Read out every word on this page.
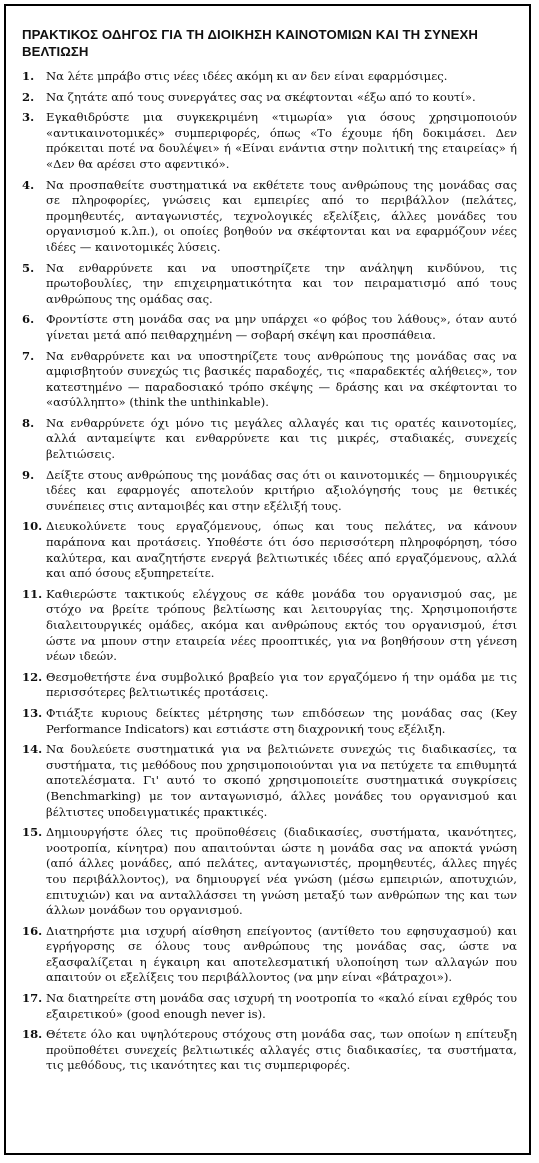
ΠΡΑΚΤΙΚΟΣ ΟΔΗΓΟΣ ΓΙΑ ΤΗ ΔΙΟΙΚΗΣΗ ΚΑΙΝΟΤΟΜΙΩΝ ΚΑΙ ΤΗ ΣΥΝΕΧΗ ΒΕΛΤΙΩΣΗ
1.	Να λέτε μπράβο στις νέες ιδέες ακόμη κι αν δεν είναι εφαρμόσιμες.
2.	Να ζητάτε από τους συνεργάτες σας να σκέφτονται «έξω από το κουτί».
3.	Εγκαθιδρύστε μια συγκεκριμένη «τιμωρία» για όσους χρησιμοποιούν «αντικαινοτομικές» συμπεριφορές, όπως «Το έχουμε ήδη δοκιμάσει. Δεν πρόκειται ποτέ να δουλέψει» ή «Είναι ενάντια στην πολιτική της εταιρείας» ή «Δεν θα αρέσει στο αφεντικό».
4.	Να προσπαθείτε συστηματικά να εκθέτετε τους ανθρώπους της μονάδας σας σε πληροφορίες, γνώσεις και εμπειρίες από το περιβάλλον (πελάτες, προμηθευτές, ανταγωνιστές, τεχνολογικές εξελίξεις, άλλες μονάδες του οργανισμού κ.λπ.), οι οποίες βοηθούν να σκέφτονται και να εφαρμόζουν νέες ιδέες — καινοτομικές λύσεις.
5.	Να ενθαρρύνετε και να υποστηρίζετε την ανάληψη κινδύνου, τις πρωτοβουλίες, την επιχειρηματικότητα και τον πειραματισμό από τους ανθρώπους της ομάδας σας.
6.	Φροντίστε στη μονάδα σας να μην υπάρχει «ο φόβος του λάθους», όταν αυτό γίνεται μετά από πειθαρχημένη — σοβαρή σκέψη και προσπάθεια.
7.	Να ενθαρρύνετε και να υποστηρίζετε τους ανθρώπους της μονάδας σας να αμφισβητούν συνεχώς τις βασικές παραδοχές, τις «παραδεκτές αλήθειες», τον κατεστημένο — παραδοσιακό τρόπο σκέψης — δράσης και να σκέφτονται το «ασύλληπτο» (think the unthinkable).
8.	Να ενθαρρύνετε όχι μόνο τις μεγάλες αλλαγές και τις ορατές καινοτομίες, αλλά ανταμείψτε και ενθαρρύνετε και τις μικρές, σταδιακές, συνεχείς βελτιώσεις.
9.	Δείξτε στους ανθρώπους της μονάδας σας ότι οι καινοτομικές — δημιουργικές ιδέες και εφαρμογές αποτελούν κριτήριο αξιολόγησής τους με θετικές συνέπειες στις ανταμοιβές και στην εξέλιξή τους.
10. Διευκολύνετε τους εργαζόμενους, όπως και τους πελάτες, να κάνουν παράπονα και προτάσεις. Υποθέστε ότι όσο περισσότερη πληροφόρηση, τόσο καλύτερα, και αναζητήστε ενεργά βελτιωτικές ιδέες από εργαζόμενους, αλλά και από όσους εξυπηρετείτε.
11. Καθιερώστε τακτικούς ελέγχους σε κάθε μονάδα του οργανισμού σας, με στόχο να βρείτε τρόπους βελτίωσης και λειτουργίας της. Χρησιμοποιήστε διαλειτουργικές ομάδες, ακόμα και ανθρώπους εκτός του οργανισμού, έτσι ώστε να μπουν στην εταιρεία νέες προοπτικές, για να βοηθήσουν στη γένεση νέων ιδεών.
12. Θεσμοθετήστε ένα συμβολικό βραβείο για τον εργαζόμενο ή την ομάδα με τις περισσότερες βελτιωτικές προτάσεις.
13. Φτιάξτε κυριους δείκτες μέτρησης των επιδόσεων της μονάδας σας (Key Performance Indicators) και εστιάστε στη διαχρονική τους εξέλιξη.
14. Να δουλεύετε συστηματικά για να βελτιώνετε συνεχώς τις διαδικασίες, τα συστήματα, τις μεθόδους που χρησιμοποιούνται για να πετύχετε τα επιθυμητά αποτελέσματα. Γι' αυτό το σκοπό χρησιμοποιείτε συστηματικά συγκρίσεις (Benchmarking) με τον ανταγωνισμό, άλλες μονάδες του οργανισμού και βέλτιστες υποδειγματικές πρακτικές.
15. Δημιουργήστε όλες τις προϋποθέσεις (διαδικασίες, συστήματα, ικανότητες, νοοτροπία, κίνητρα) που απαιτούνται ώστε η μονάδα σας να αποκτά γνώση (από άλλες μονάδες, από πελάτες, ανταγωνιστές, προμηθευτές, άλλες πηγές του περιβάλλοντος), να δημιουργεί νέα γνώση (μέσω εμπειριών, αποτυχιών, επιτυχιών) και να ανταλλάσσει τη γνώση μεταξύ των ανθρώπων της και των άλλων μονάδων του οργανισμού.
16. Διατηρήστε μια ισχυρή αίσθηση επείγοντος (αντίθετο του εφησυχασμού) και εγρήγορσης σε όλους τους ανθρώπους της μονάδας σας, ώστε να εξασφαλίζεται η έγκαιρη και αποτελεσματική υλοποίηση των αλλαγών που απαιτούν οι εξελίξεις του περιβάλλοντος (να μην είναι «βάτραχοι»).
17. Να διατηρείτε στη μονάδα σας ισχυρή τη νοοτροπία το «καλό είναι εχθρός του εξαιρετικού» (good enough never is).
18. Θέτετε όλο και υψηλότερους στόχους στη μονάδα σας, των οποίων η επίτευξη προϋποθέτει συνεχείς βελτιωτικές αλλαγές στις διαδικασίες, τα συστήματα, τις μεθόδους, τις ικανότητες και τις συμπεριφορές.
